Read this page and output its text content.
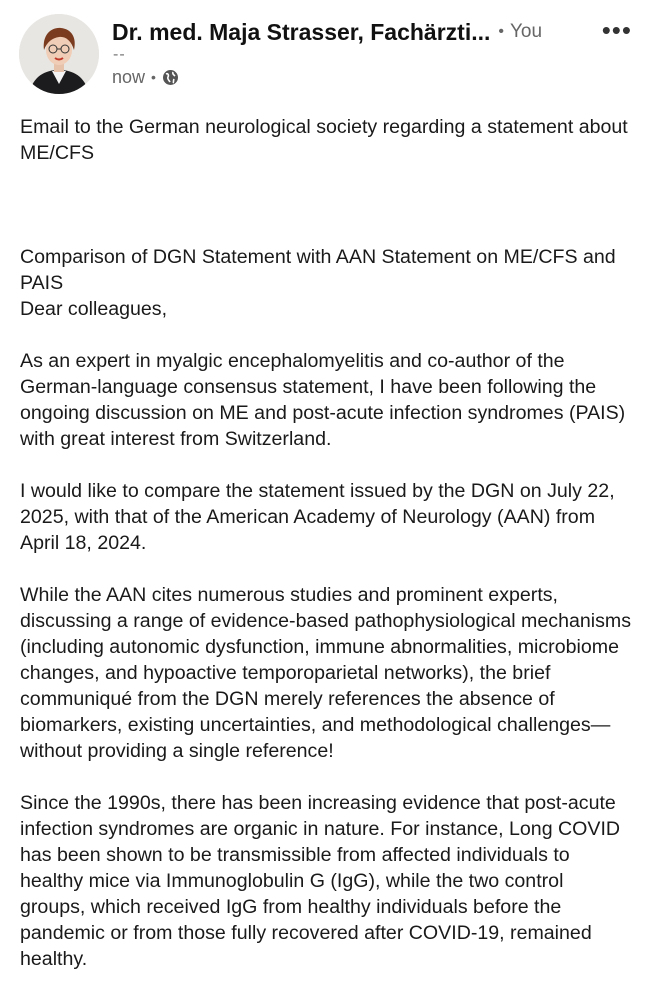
Dr. med. Maja Strasser, Fachärzti... • You •••
--
now •

Email to the German neurological society regarding a statement about ME/CFS

Comparison of DGN Statement with AAN Statement on ME/CFS and PAIS

Dear colleagues,

As an expert in myalgic encephalomyelitis and co-author of the German-language consensus statement, I have been following the ongoing discussion on ME and post-acute infection syndromes (PAIS) with great interest from Switzerland.

I would like to compare the statement issued by the DGN on July 22, 2025, with that of the American Academy of Neurology (AAN) from April 18, 2024.

While the AAN cites numerous studies and prominent experts, discussing a range of evidence-based pathophysiological mechanisms (including autonomic dysfunction, immune abnormalities, microbiome changes, and hypoactive temporoparietal networks), the brief communiqué from the DGN merely references the absence of biomarkers, existing uncertainties, and methodological challenges—without providing a single reference!

Since the 1990s, there has been increasing evidence that post-acute infection syndromes are organic in nature. For instance, Long COVID has been shown to be transmissible from affected individuals to healthy mice via Immunoglobulin G (IgG), while the two control groups, which received IgG from healthy individuals before the pandemic or from those fully recovered after COVID-19, remained healthy.
